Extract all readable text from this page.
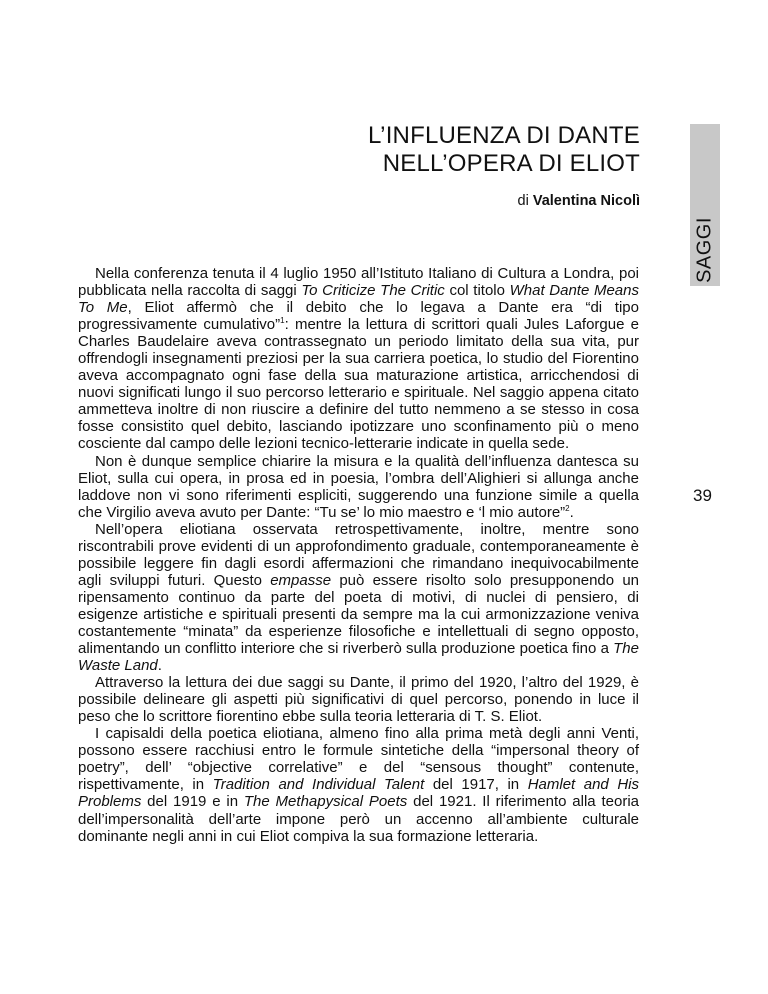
SAGGI
L’INFLUENZA DI DANTE
NELL’OPERA DI ELIOT
di Valentina Nicolì
39

Nella conferenza tenuta il 4 luglio 1950 all’Istituto Italiano di Cultura a Londra, poi pubblicata nella raccolta di saggi To Criticize The Critic col titolo What Dante Means To Me, Eliot affermò che il debito che lo legava a Dante era “di tipo progressivamente cumulativo”$^1$: mentre la lettura di scrittori quali Jules Laforgue e Charles Baudelaire aveva contrassegnato un periodo limitato della sua vita, pur offrendogli insegnamenti preziosi per la sua carriera poetica, lo studio del Fiorentino aveva accompagnato ogni fase della sua maturazione artistica, arricchendosi di nuovi significati lungo il suo percorso letterario e spirituale. Nel saggio appena citato ammetteva inoltre di non riuscire a definire del tutto nemmeno a se stesso in cosa fosse consistito quel debito, lasciando ipotizzare uno sconfinamento più o meno cosciente dal campo delle lezioni tecnico-letterarie indicate in quella sede.

Non è dunque semplice chiarire la misura e la qualità dell’influenza dantesca su Eliot, sulla cui opera, in prosa ed in poesia, l’ombra dell’Alighieri si allunga anche laddove non vi sono riferimenti espliciti, suggerendo una funzione simile a quella che Virgilio aveva avuto per Dante: “Tu se’ lo mio maestro e ‘l mio autore”$^2$.

Nell’opera eliotiana osservata retrospettivamente, inoltre, mentre sono riscontrabili prove evidenti di un approfondimento graduale, contemporaneamente è possibile leggere fin dagli esordi affermazioni che rimandano inequivocabilmente agli sviluppi futuri. Questo empasse può essere risolto solo presupponendo un ripensamento continuo da parte del poeta di motivi, di nuclei di pensiero, di esigenze artistiche e spirituali presenti da sempre ma la cui armonizzazione veniva costantemente “minata” da esperienze filosofiche e intellettuali di segno opposto, alimentando un conflitto interiore che si riverberò sulla produzione poetica fino a The Waste Land.

Attraverso la lettura dei due saggi su Dante, il primo del 1920, l’altro del 1929, è possibile delineare gli aspetti più significativi di quel percorso, ponendo in luce il peso che lo scrittore fiorentino ebbe sulla teoria letteraria di T. S. Eliot.

I capisaldi della poetica eliotiana, almeno fino alla prima metà degli anni Venti, possono essere racchiusi entro le formule sintetiche della “impersonal theory of poetry”, dell’ “objective correlative” e del “sensous thought” contenute, rispettivamente, in Tradition and Individual Talent del 1917, in Hamlet and His Problems del 1919 e in The Methapysical Poets del 1921. Il riferimento alla teoria dell’impersonalità dell’arte impone però un accenno all’ambiente culturale dominante negli anni in cui Eliot compiva la sua formazione letteraria.
